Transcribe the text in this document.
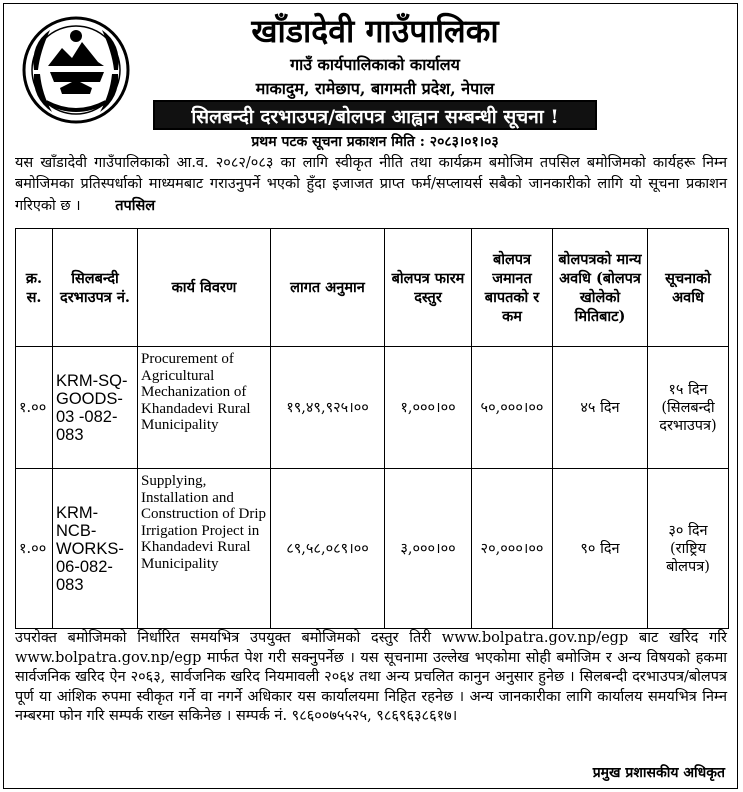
खाँडादेवी गाउँपालिका
गाउँ कार्यपालिकाको कार्यालय
माकादुम, रामेछाप, बागमती प्रदेश, नेपाल
सिलबन्दी दरभाउपत्र/बोलपत्र आह्वान सम्बन्धी सूचना !
प्रथम पटक सूचना प्रकाशन मिति : २०८३।०१।०३
यस खाँडादेवी गाउँपालिकाको आ.व. २०८२/०८३ का लागि स्वीकृत नीति तथा कार्यक्रम बमोजिम तपसिल बमोजिमको कार्यहरू निम्न बमोजिमका प्रतिस्पर्धाको माध्यमबाट गराउनुपर्ने भएको हुँदा इजाजत प्राप्त फर्म/सप्लायर्स सबैको जानकारीको लागि यो सूचना प्रकाशन गरिएको छ । तपसिल
क्र. स.	सिलबन्दी दरभाउपत्र नं.	कार्य विवरण	लागत अनुमान	बोलपत्र फारम दस्तुर	बोलपत्र जमानत बापतको र कम	बोलपत्रको मान्य अवधि (बोलपत्र खोलेको मितिबाट)	सूचनाको अवधि
१.००	KRM-SQ-GOODS-03 -082-083	Procurement of Agricultural Mechanization of Khandadevi Rural Municipality	१९,४९,९२५।००	१,०००।००	५०,०००।००	४५ दिन	१५ दिन (सिलबन्दी दरभाउपत्र)
१.००	KRM-NCB-WORKS-06-082-083	Supplying, Installation and Construction of Drip Irrigation Project in Khandadevi Rural Municipality	८९,५८,०८९।००	३,०००।००	२०,०००।००	९० दिन	३० दिन (राष्ट्रिय बोलपत्र)
उपरोक्त बमोजिमको निर्धारित समयभित्र उपयुक्त बमोजिमको दस्तुर तिरी www.bolpatra.gov.np/egp बाट खरिद गरि www.bolpatra.gov.np/egp मार्फत पेश गरी सक्नुपर्नेछ । यस सूचनामा उल्लेख भएकोमा सोही बमोजिम र अन्य विषयको हकमा सार्वजनिक खरिद ऐन २०६३, सार्वजनिक खरिद नियमावली २०६४ तथा अन्य प्रचलित कानुन अनुसार हुनेछ । सिलबन्दी दरभाउपत्र/बोलपत्र पूर्ण या आंशिक रुपमा स्वीकृत गर्ने वा नगर्ने अधिकार यस कार्यालयमा निहित रहनेछ । अन्य जानकारीका लागि कार्यालय समयभित्र निम्न नम्बरमा फोन गरि सम्पर्क राख्न सकिनेछ । सम्पर्क नं. ९८६००७५५२५, ९८६९६३८६१७।
प्रमुख प्रशासकीय अधिकृत
